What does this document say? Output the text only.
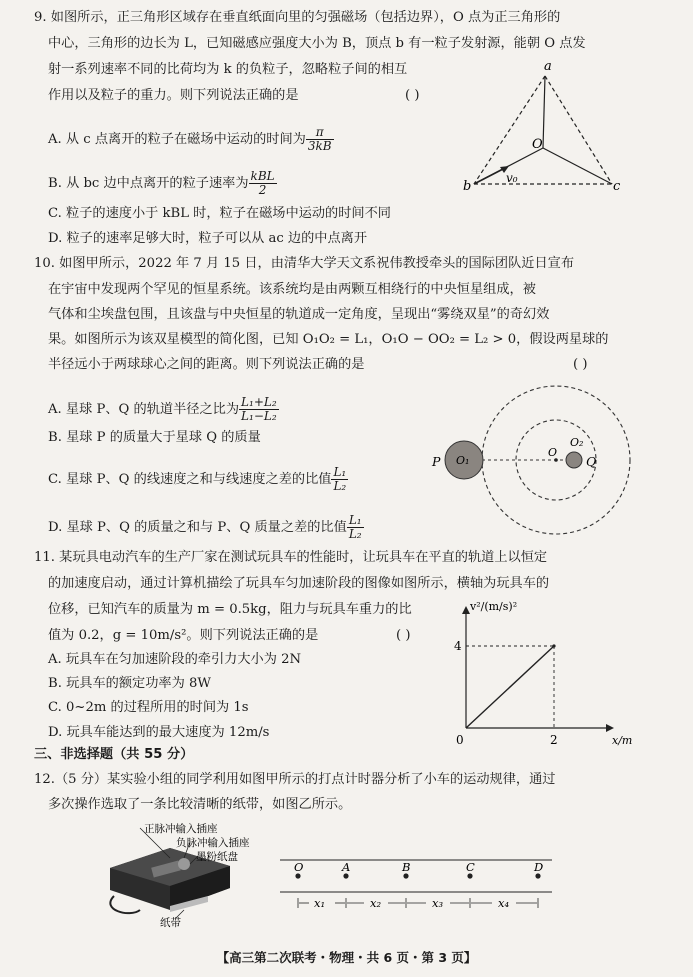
9. 如图所示，正三角形区域存在垂直纸面向里的匀强磁场（包括边界），O 点为正三角形的
中心，三角形的边长为 L，已知磁感应强度大小为 B，顶点 b 有一粒子发射源，能朝 O 点发
射一系列速率不同的比荷均为 k 的负粒子，忽略粒子间的相互
作用以及粒子的重力。则下列说法正确的是	( )
A. 从 c 点离开的粒子在磁场中运动的时间为 $\frac{\pi}{3kB}$
B. 从 bc 边中点离开的粒子速率为 $\frac{\text{kBL}}{2}$
C. 粒子的速度小于 kBL 时，粒子在磁场中运动的时间不同
D. 粒子的速率足够大时，粒子可以从 ac 边的中点离开
a
O
b	c
v₀
10. 如图甲所示，2022 年 7 月 15 日，由清华大学天文系祝伟教授牵头的国际团队近日宣布
在宇宙中发现两个罕见的恒星系统。该系统均是由两颗互相绕行的中央恒星组成，被
气体和尘埃盘包围，且该盘与中央恒星的轨道成一定角度，呈现出“雾绕双星”的奇幻效
果。如图所示为该双星模型的简化图，已知 O₁O₂ = L₁，O₁O − OO₂ = L₂ > 0，假设两星球的
半径远小于两球球心之间的距离。则下列说法正确的是	( )
A. 星球 P、Q 的轨道半径之比为 $\frac{\text{L₁+L₂}}{\text{L₁−L₂}}$
B. 星球 P 的质量大于星球 Q 的质量
C. 星球 P、Q 的线速度之和与线速度之差的比值 $\frac{\text{L₁}}{\text{L₂}}$
D. 星球 P、Q 的质量之和与 P、Q 质量之差的比值 $\frac{\text{L₁}}{\text{L₂}}$
P O₁
O
O₂
Q
11. 某玩具电动汽车的生产厂家在测试玩具车的性能时，让玩具车在平直的轨道上以恒定
的加速度启动，通过计算机描绘了玩具车匀加速阶段的图像如图所示，横轴为玩具车的
位移，已知汽车的质量为 m = 0.5kg，阻力与玩具车重力的比
值为 0.2，g = 10m/s²。则下列说法正确的是	( )
A. 玩具车在匀加速阶段的牵引力大小为 2N
B. 玩具车的额定功率为 8W
C. 0~2m 的过程所用的时间为 1s
D. 玩具车能达到的最大速度为 12m/s
4
2
v²/(m/s)²
x/m
0
三、非选择题（共 55 分）
12.（5 分）某实验小组的同学利用如图甲所示的打点计时器分析了小车的运动规律，通过
多次操作选取了一条比较清晰的纸带，如图乙所示。
正脉冲输入插座
负脉冲输入插座
墨粉纸盘
纸带
O	A	B	C	D
x₁	x₂	x₃	x₄
【高三第二次联考・物理・共 6 页・第 3 页】
